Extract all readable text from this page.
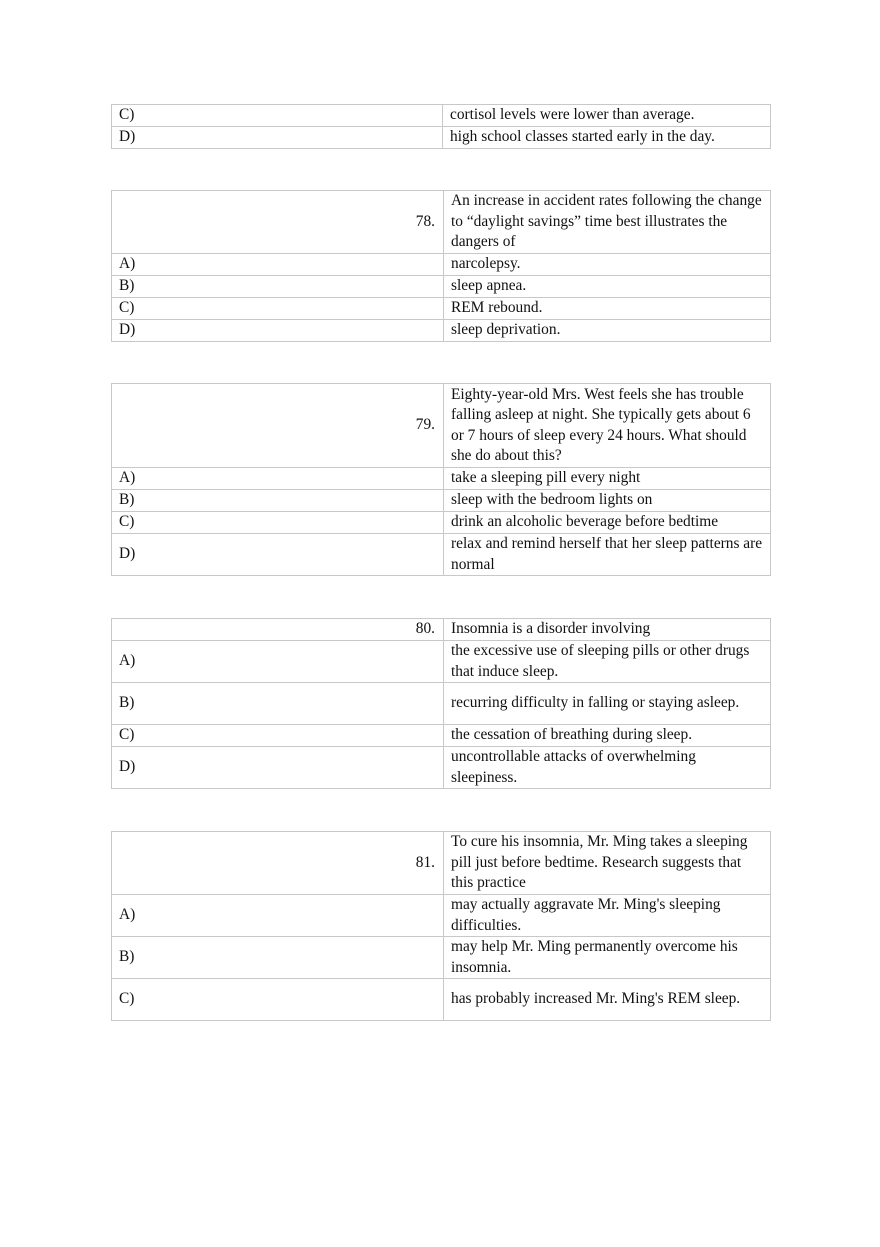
C)	cortisol levels were lower than average.
D)	high school classes started early in the day.
78.	An increase in accident rates following the change to “daylight savings” time best illustrates the dangers of
A)	narcolepsy.
B)	sleep apnea.
C)	REM rebound.
D)	sleep deprivation.
79.	Eighty-year-old Mrs. West feels she has trouble falling asleep at night. She typically gets about 6 or 7 hours of sleep every 24 hours. What should she do about this?
A)	take a sleeping pill every night
B)	sleep with the bedroom lights on
C)	drink an alcoholic beverage before bedtime
D)	relax and remind herself that her sleep patterns are normal
80.	Insomnia is a disorder involving
A)	the excessive use of sleeping pills or other drugs that induce sleep.
B)	recurring difficulty in falling or staying asleep.
C)	the cessation of breathing during sleep.
D)	uncontrollable attacks of overwhelming sleepiness.
81.	To cure his insomnia, Mr. Ming takes a sleeping pill just before bedtime. Research suggests that this practice
A)	may actually aggravate Mr. Ming's sleeping difficulties.
B)	may help Mr. Ming permanently overcome his insomnia.
C)	has probably increased Mr. Ming's REM sleep.
